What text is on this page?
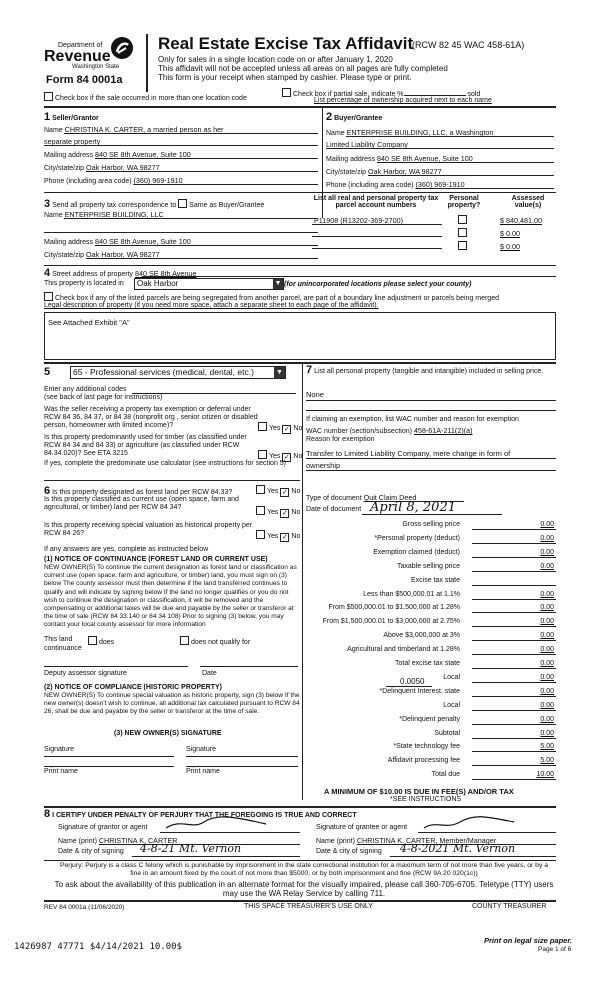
Department of
Revenue
Washington State
Form 84 0001a
Real Estate Excise Tax Affidavit
(RCW 82 45 WAC 458-61A)
Only for sales in a single location code on or after January 1, 2020
This affidavit will not be accepted unless all areas on all pages are fully completed
This form is your receipt when stamped by cashier. Please type or print.
Check box if the sale occurred in more than one location code
Check box if partial sale, indicate %	sold
List percentage of ownership acquired next to each name
1 Seller/Grantor
Name CHRISTINA K. CARTER, a married person as her
separate property
Mailing address 840 SE 8th Avenue, Suite 100
City/state/zip Oak Harbor, WA 98277
Phone (including area code) (360) 969-1910
2 Buyer/Grantee
Name ENTERPRISE BUILDING, LLC, a Washington
Limited Liability Company
Mailing address 840 SE 8th Avenue, Suite 100
City/state/zip Oak Harbor, WA 98277
Phone (including area code) (360) 969-1910
3 Send all property tax correspondence to Same as Buyer/Grantee
Name ENTERPRISE BUILDING, LLC
Mailing address 840 SE 8th Avenue, Suite 100
City/state/zip Oak Harbor, WA 98277
List all real and personal property tax
parcel account numbers
Personal
property?
Assessed
value(s)
P11908 (R13202-369-2700)	$ 840,481.00
$ 0.00
$ 0.00
4 Street address of property 840 SE 8th Avenue
This property is located in	Oak Harbor	▼ (for unincorporated locations please select your county)
Check box if any of the listed parcels are being segregated from another parcel, are part of a boundary line adjustment or parcels being merged
Legal description of property (if you need more space, attach a separate sheet to each page of the affidavit).
See Attached Exhibit "A"
5	65 - Professional services (medical, dental, etc.)	▼
Enter any additional codes
(see back of last page for instructions)
Was the seller receiving a property tax exemption or deferral under RCW 84 36, 84 37, or 84 38 (nonprofit org , senior citizen or disabled person, homeowner with limited income)?	Yes ✓ No
Is this property predominantly used for timber (as classified under RCW 84 34 and 84 33) or agriculture (as classified under RCW 84.34.020)? See ETA 3215	Yes ✓ No
If yes, complete the predominate use calculator (see instructions for section 5)
6 Is this property designated as forest land per RCW 84.33?	Yes ✓ No
Is this property classified as current use (open space, farm and agricultural, or timber) land per RCW 84 34?
Yes ✓ No
Is this property receiving special valuation as historical property per RCW 84 26?	Yes ✓ No
If any answers are yes, complete as instructed below
(1) NOTICE OF CONTINUANCE (FOREST LAND OR CURRENT USE)
NEW OWNER(S) To continue the current designation as forest land or classification as current use (open space, farm and agriculture, or timber) land, you must sign on (3) below The county assessor must then determine if the land transferred continues to qualify and will indicate by signing below If the land no longer qualifies or you do not wish to continue the designation or classification, it will be removed and the compensating or additional taxes will be due and payable by the seller or transferor at the time of sale (RCW 84 33.140 or 84 34 108) Prior to signing (3) below, you may contact your local county assessor for more information
This land	does	does not qualify for
continuance
Deputy assessor signature	Date
(2) NOTICE OF COMPLIANCE (HISTORIC PROPERTY)
NEW OWNER(S) To continue special valuation as historic property, sign (3) below If the new owner(s) doesn't wish to continue, all additional tax calculated pursuant to RCW 84 26, shall be due and payable by the seller or transferor at the time of sale.
(3) NEW OWNER(S) SIGNATURE
Signature	Signature
Print name	Print name
7 List all personal property (tangible and intangible) included in selling price.
None
If claiming an exemption, list WAC number and reason for exemption
WAC number (section/subsection) 458-61A-211(2)(a)
Reason for exemption
Transfer to Limited Liability Company, mere change in form of ownership
Type of document Quit Claim Deed
Date of document April 8, 2021
Gross selling price	0.00
*Personal property (deduct)	0.00
Exemption claimed (deduct)	0.00
Taxable selling price	0.00
Excise tax state
Less than $500,000.01 at 1.1%	0.00
From $500,000.01 to $1,500,000 at 1.28%	0.00
From $1,500,000.01 to $3,000,000 at 2.75%	0.00
Above $3,000,000 at 3%	0.00
Agricultural and timberland at 1.28%	0.00
Total excise tax state	0.00
Local	0.00
*Delinquent Interest. state	0.00
Local	0.00
*Delinquent penalty	0.00
Subtotal	0.00
*State technology fee	5.00
Affidavit processing fee	5.00
Total due	10.00
0.0050
A MINIMUM OF $10.00 IS DUE IN FEE(S) AND/OR TAX
*SEE INSTRUCTIONS
8 I CERTIFY UNDER PENALTY OF PERJURY THAT THE FOREGOING IS TRUE AND CORRECT
Signature of grantor or agent
Name (print) CHRISTINA K. CARTER
Date & city of signing 4-8-21 Mt. Vernon
Signature of grantee or agent
Name (print) CHRISTINA K. CARTER, Member/Manager
Date & city of signing 4-8-2021 Mt. Vernon
Perjury: Perjury is a class C felony which is punishable by imprisonment in the state correctional institution for a maximum term of not more than five years, or by a fine in an amount fixed by the court of not more than $5000, or by both imprisonment and fine (RCW 9A 20 020(1c))
To ask about the availability of this publication in an alternate format for the visually impaired, please call 360-705-6705. Teletype (TTY) users may use the WA Relay Service by calling 711.
REV 84 0001a (11/06/2020)	THIS SPACE TREASURER'S USE ONLY	COUNTY TREASURER
1426987 47771 $4/14/2021 10.00$
Print on legal size paper.
Page 1 of 6
